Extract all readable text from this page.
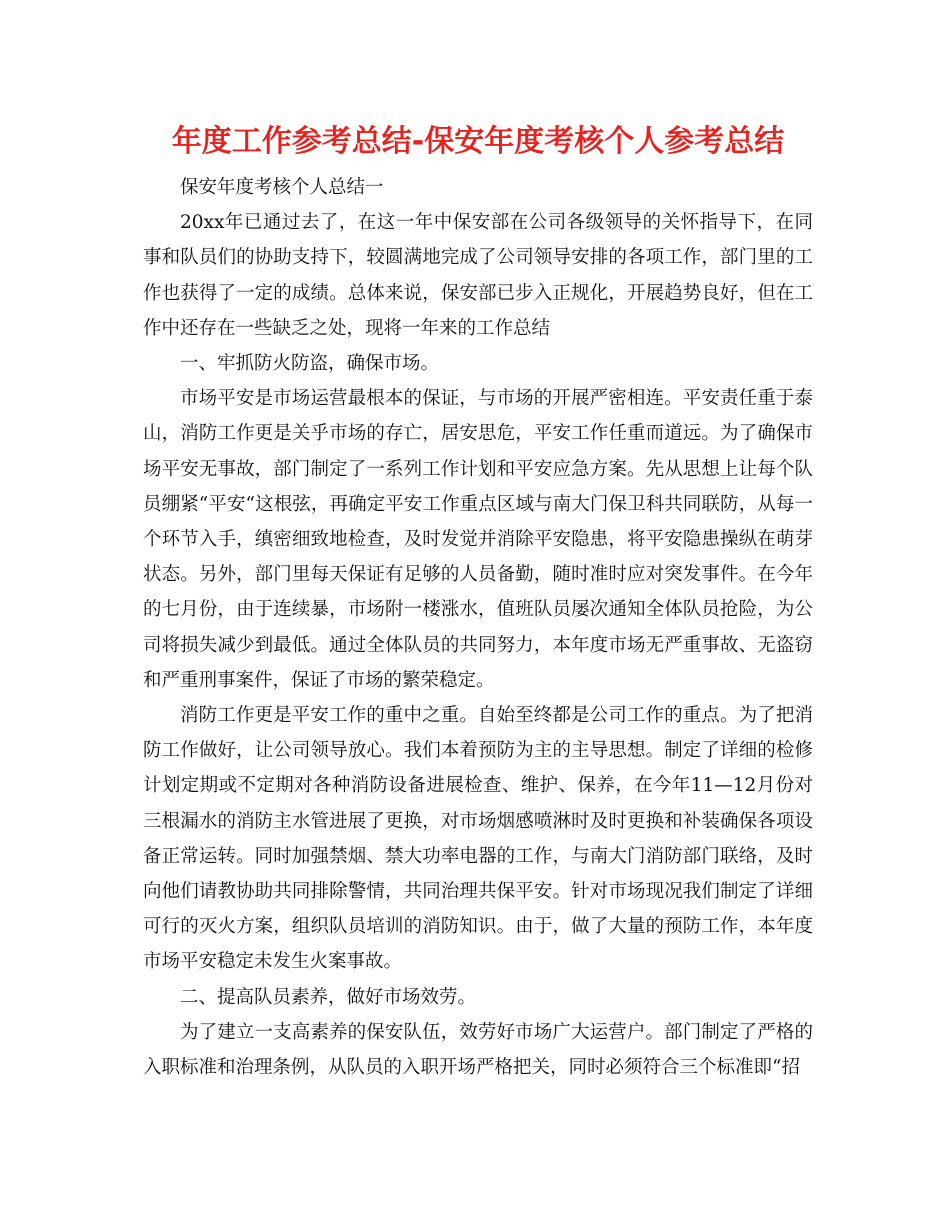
年度工作参考总结-保安年度考核个人参考总结

保安年度考核个人总结一

20xx年已通过去了，在这一年中保安部在公司各级领导的关怀指导下，在同事和队员们的协助支持下，较圆满地完成了公司领导安排的各项工作，部门里的工作也获得了一定的成绩。总体来说，保安部已步入正规化，开展趋势良好，但在工作中还存在一些缺乏之处，现将一年来的工作总结

一、牢抓防火防盗，确保市场。

市场平安是市场运营最根本的保证，与市场的开展严密相连。平安责任重于泰山，消防工作更是关乎市场的存亡，居安思危，平安工作任重而道远。为了确保市场平安无事故，部门制定了一系列工作计划和平安应急方案。先从思想上让每个队员绷紧“平安“这根弦，再确定平安工作重点区域与南大门保卫科共同联防，从每一个环节入手，缜密细致地检查，及时发觉并消除平安隐患，将平安隐患操纵在萌芽状态。另外，部门里每天保证有足够的人员备勤，随时准时应对突发事件。在今年的七月份，由于连续暴，市场附一楼涨水，值班队员屡次通知全体队员抢险，为公司将损失减少到最低。通过全体队员的共同努力，本年度市场无严重事故、无盗窃和严重刑事案件，保证了市场的繁荣稳定。

消防工作更是平安工作的重中之重。自始至终都是公司工作的重点。为了把消防工作做好，让公司领导放心。我们本着预防为主的主导思想。制定了详细的检修计划定期或不定期对各种消防设备进展检查、维护、保养，在今年11—12月份对三根漏水的消防主水管进展了更换，对市场烟感喷淋时及时更换和补装确保各项设备正常运转。同时加强禁烟、禁大功率电器的工作，与南大门消防部门联络，及时向他们请教协助共同排除警情，共同治理共保平安。针对市场现况我们制定了详细可行的灭火方案，组织队员培训的消防知识。由于，做了大量的预防工作，本年度市场平安稳定未发生火案事故。

二、提高队员素养，做好市场效劳。

为了建立一支高素养的保安队伍，效劳好市场广大运营户。部门制定了严格的入职标准和治理条例，从队员的入职开场严格把关，同时必须符合三个标准即“招
